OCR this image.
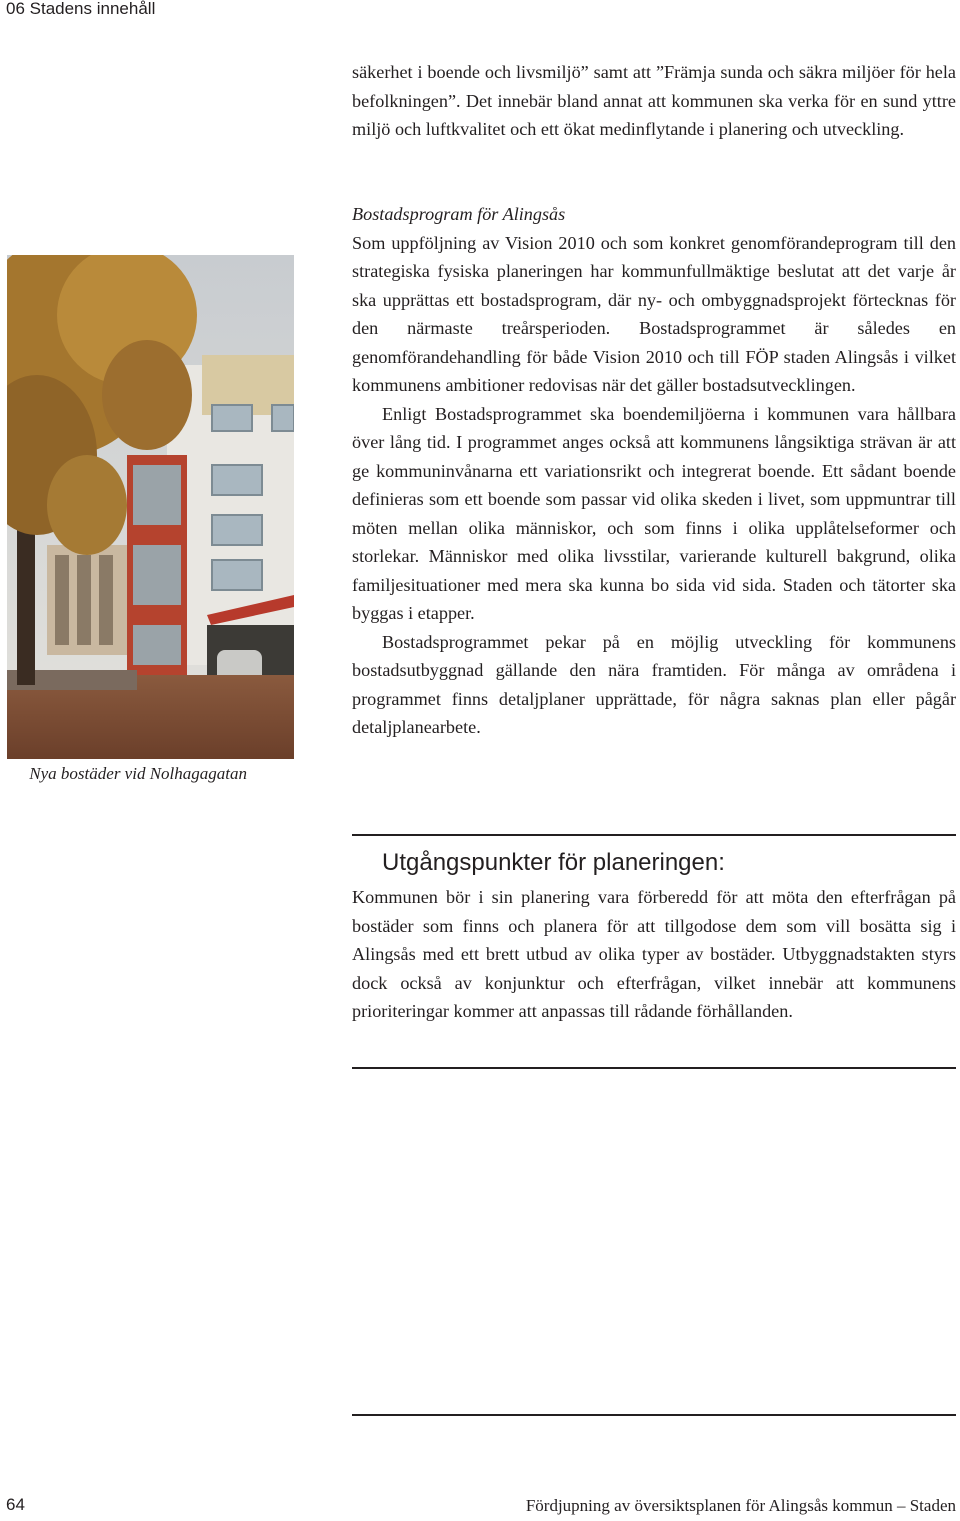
06 Stadens innehåll

säkerhet i boende och livsmiljö” samt att ”Främja sunda och säkra miljöer för hela befolkningen”. Det innebär bland annat att kommunen ska verka för en sund yttre miljö och luftkvalitet och ett ökat medinflytande i planering och utveckling.

Bostadsprogram för Alingsås

Som uppföljning av Vision 2010 och som konkret genomförandeprogram till den strategiska fysiska planeringen har kommunfullmäktige beslutat att det varje år ska upprättas ett bostadsprogram, där ny- och ombyggnadsprojekt förtecknas för den närmaste treårsperioden. Bostadsprogrammet är således en genomförandehandling för både Vision 2010 och till FÖP staden Alingsås i vilket kommunens ambitioner redovisas när det gäller bostadsutvecklingen.

Enligt Bostadsprogrammet ska boendemiljöerna i kommunen vara hållbara över lång tid. I programmet anges också att kommunens långsiktiga strävan är att ge kommuninvånarna ett variationsrikt och integrerat boende. Ett sådant boende definieras som ett boende som passar vid olika skeden i livet, som uppmuntrar till möten mellan olika människor, och som finns i olika upplåtelseformer och storlekar. Människor med olika livsstilar, varierande kulturell bakgrund, olika familjesituationer med mera ska kunna bo sida vid sida. Staden och tätorter ska byggas i etapper.

Bostadsprogrammet pekar på en möjlig utveckling för kommunens bostadsutbyggnad gällande den nära framtiden. För många av områdena i programmet finns detaljplaner upprättade, för några saknas plan eller pågår detaljplanearbete.

Nya bostäder vid Nolhagagatan
Utgångspunkter för planeringen:

Kommunen bör i sin planering vara förberedd för att möta den efterfrågan på bostäder som finns och planera för att tillgodose dem som vill bosätta sig i Alingsås med ett brett utbud av olika typer av bostäder. Utbyggnadstakten styrs dock också av konjunktur och efterfrågan, vilket innebär att kommunens prioriteringar kommer att anpassas till rådande förhållanden.

64	Fördjupning av översiktsplanen för Alingsås kommun – Staden
